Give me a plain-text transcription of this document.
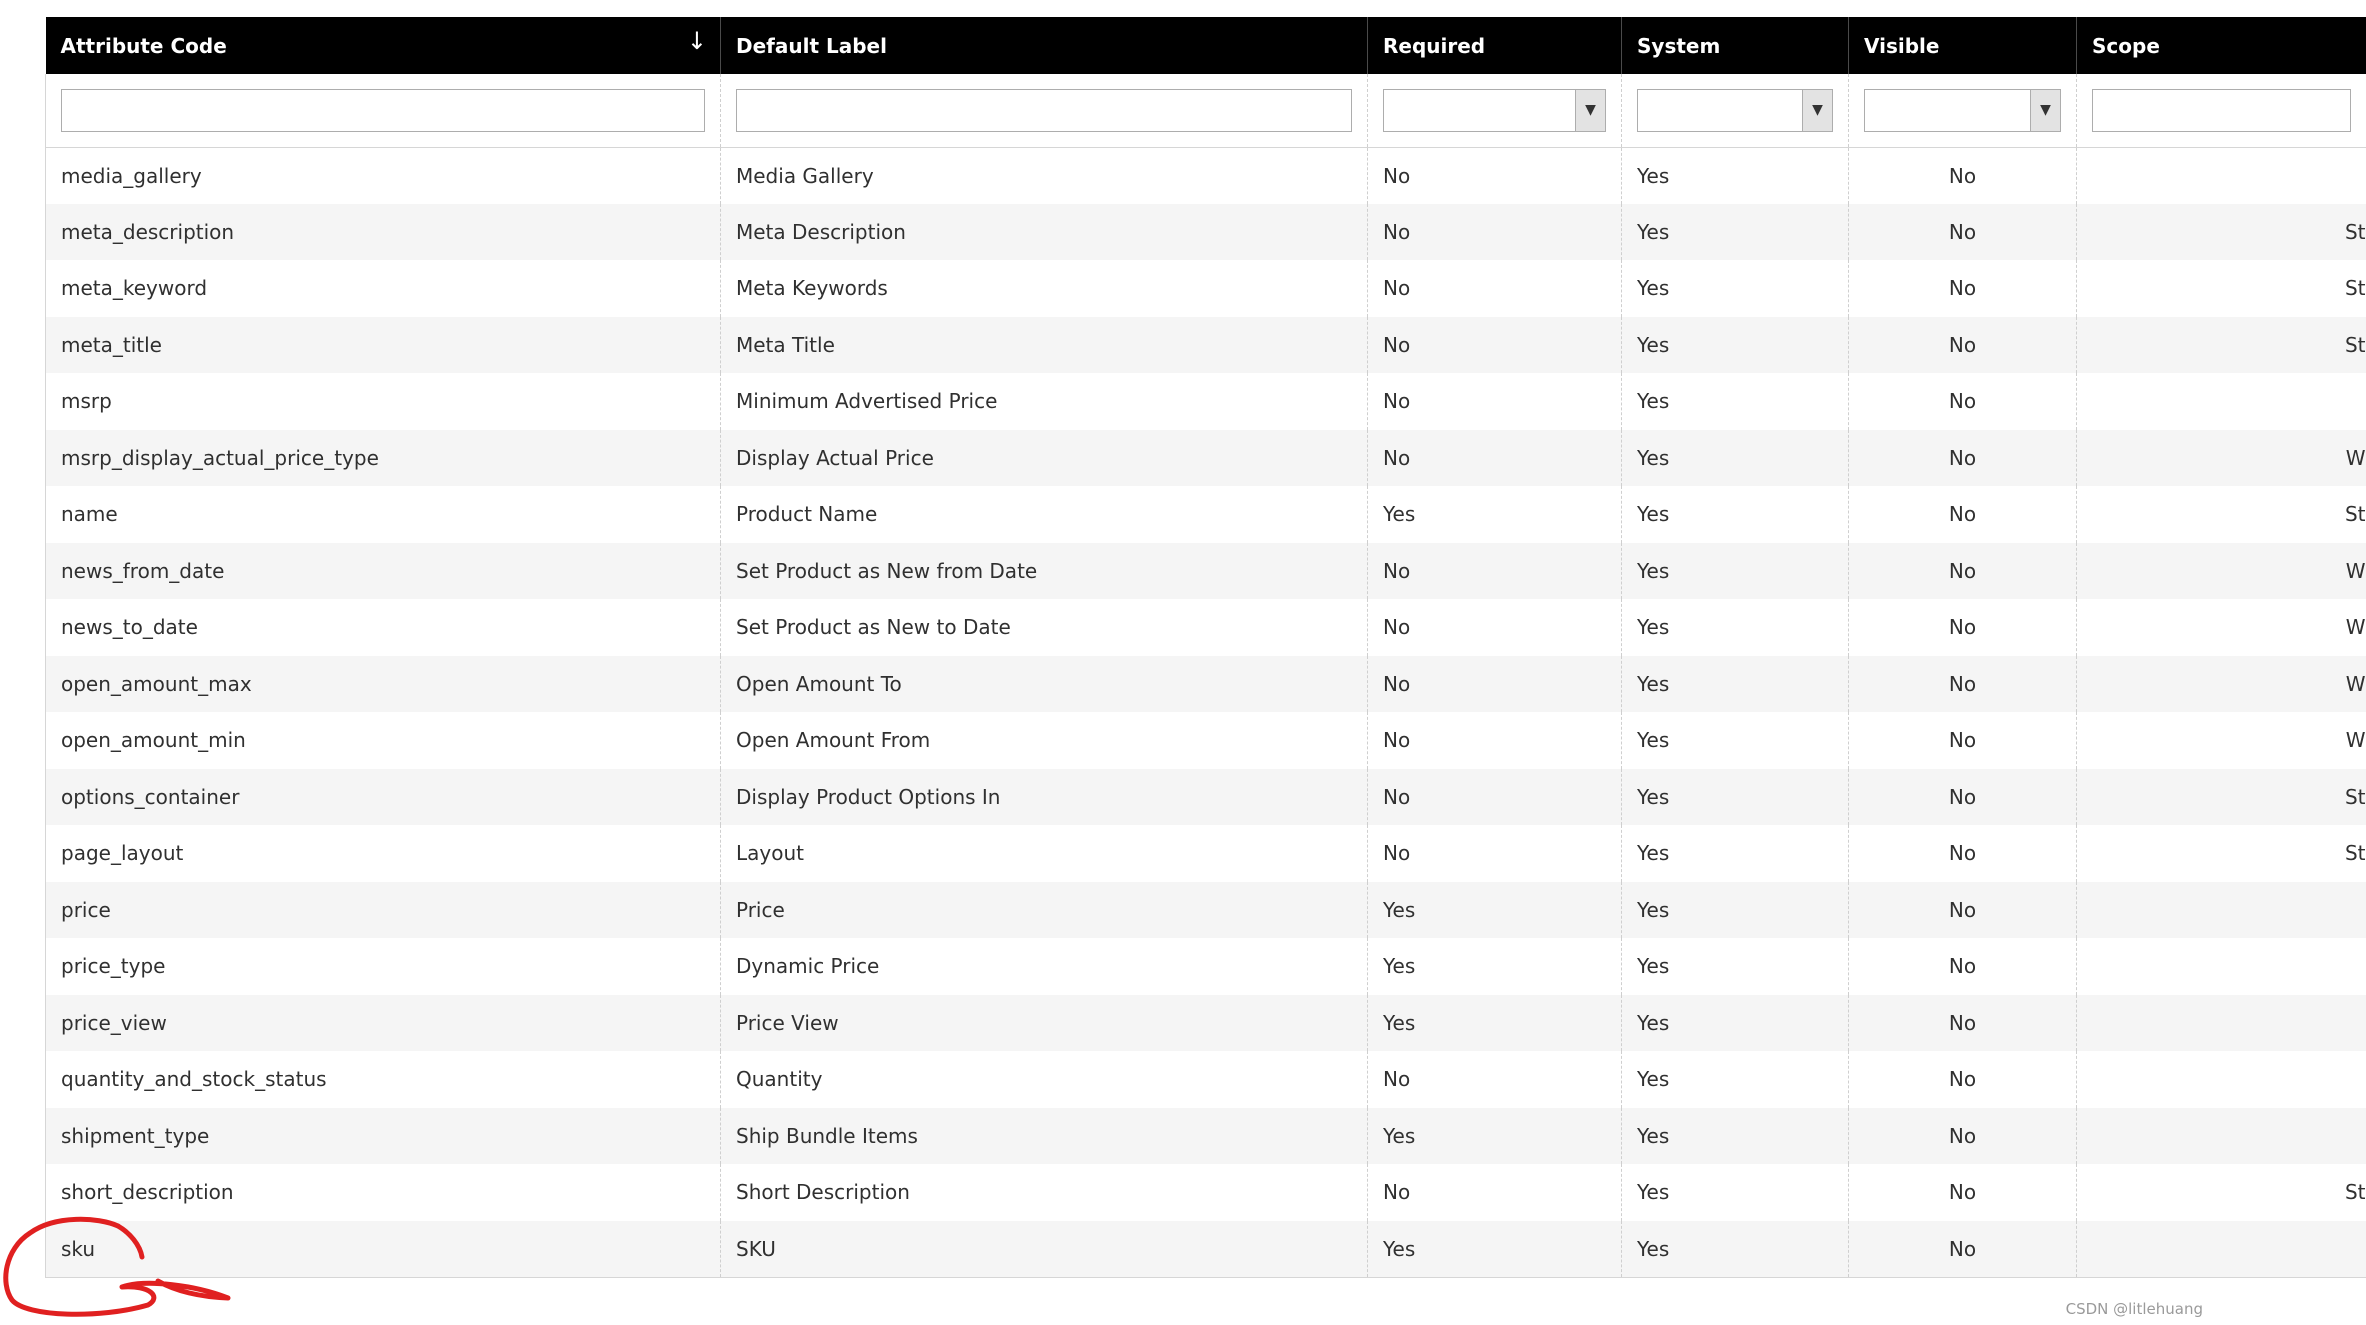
Attribute Code ↓	Default Label	Required	System	Visible	Scope

▼	▼	▼	

media_gallery	Media Gallery	No	Yes	No	
meta_description	Meta Description	No	Yes	No	St
meta_keyword	Meta Keywords	No	Yes	No	St
meta_title	Meta Title	No	Yes	No	St
msrp	Minimum Advertised Price	No	Yes	No	
msrp_display_actual_price_type	Display Actual Price	No	Yes	No	W
name	Product Name	Yes	Yes	No	St
news_from_date	Set Product as New from Date	No	Yes	No	W
news_to_date	Set Product as New to Date	No	Yes	No	W
open_amount_max	Open Amount To	No	Yes	No	W
open_amount_min	Open Amount From	No	Yes	No	W
options_container	Display Product Options In	No	Yes	No	St
page_layout	Layout	No	Yes	No	St
price	Price	Yes	Yes	No	
price_type	Dynamic Price	Yes	Yes	No	
price_view	Price View	Yes	Yes	No	
quantity_and_stock_status	Quantity	No	Yes	No	
shipment_type	Ship Bundle Items	Yes	Yes	No	
short_description	Short Description	No	Yes	No	St
sku	SKU	Yes	Yes	No	
CSDN @litlehuang
